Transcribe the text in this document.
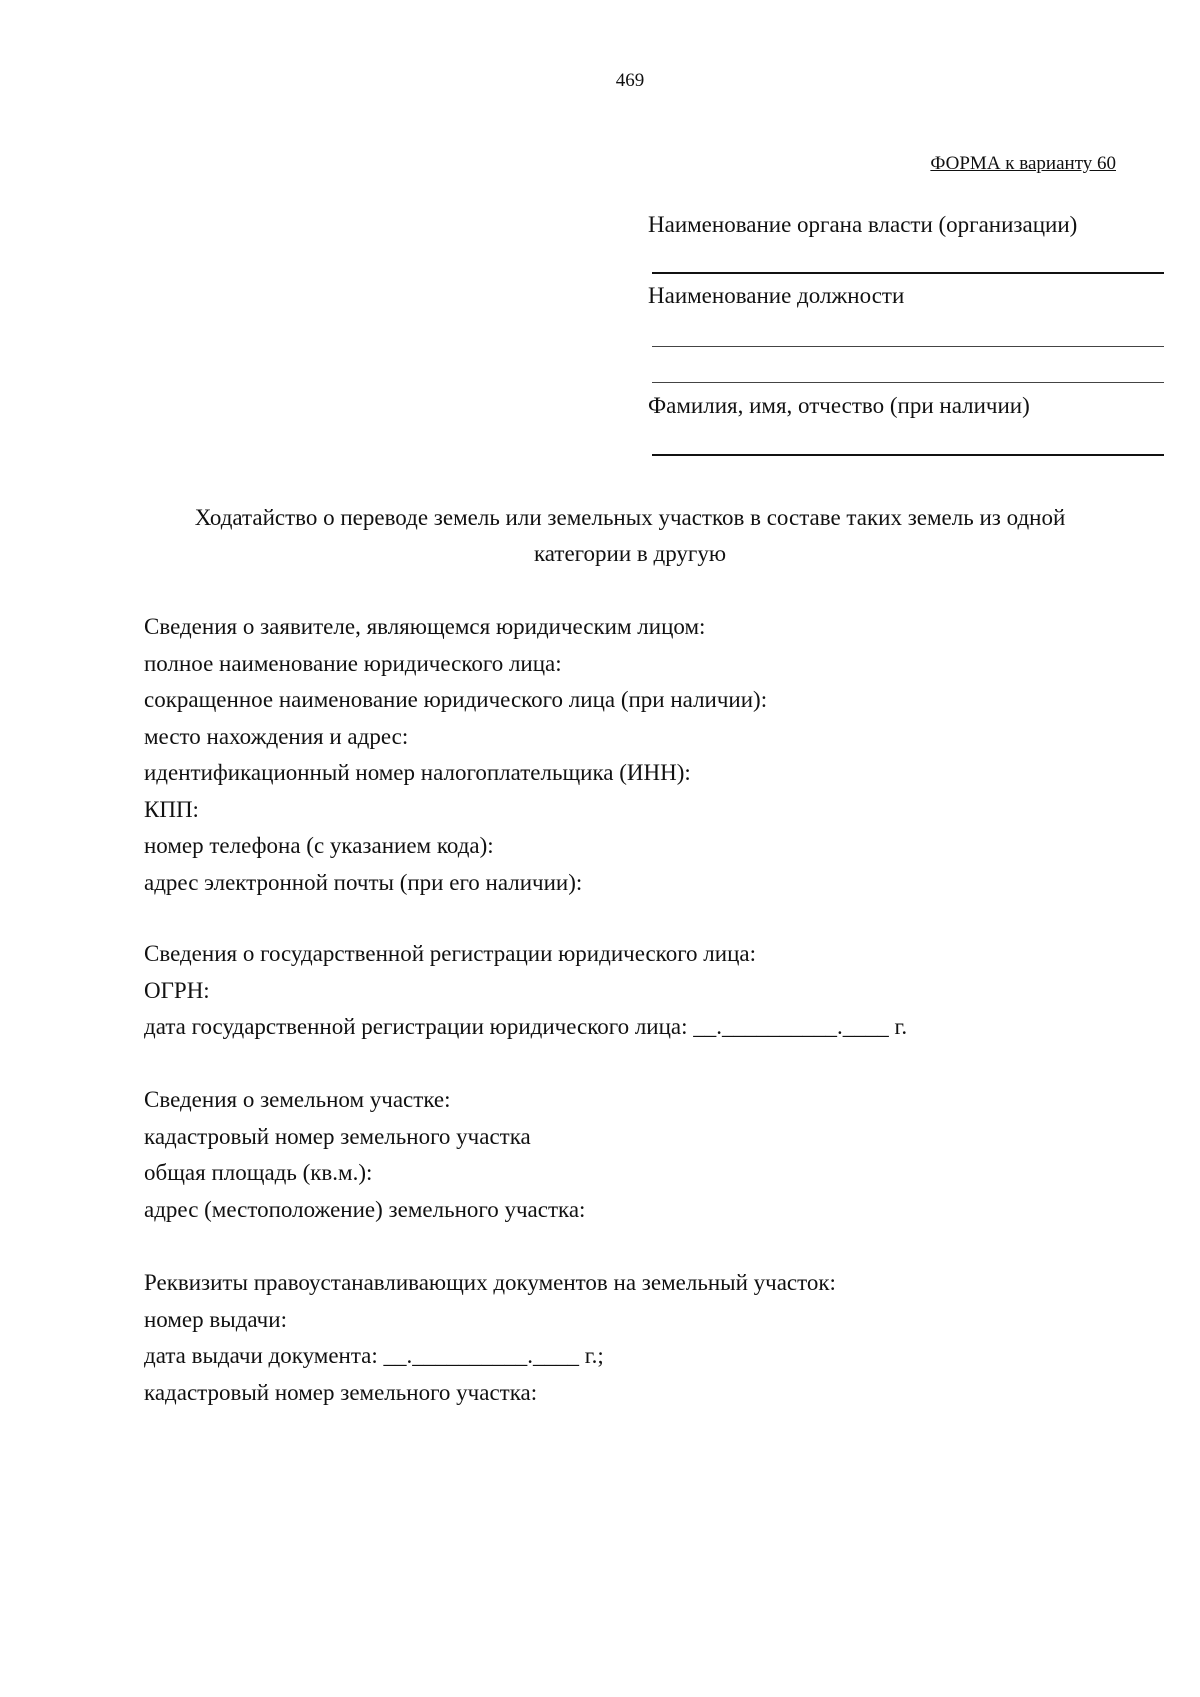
469
ФОРМА к варианту 60
Наименование органа власти (организации)
Наименование должности
Фамилия, имя, отчество (при наличии)
Ходатайство о переводе земель или земельных участков в составе таких земель из одной
категории в другую
Сведения о заявителе, являющемся юридическим лицом:
полное наименование юридического лица:
сокращенное наименование юридического лица (при наличии):
место нахождения и адрес:
идентификационный номер налогоплательщика (ИНН):
КПП:
номер телефона (с указанием кода):
адрес электронной почты (при его наличии):
Сведения о государственной регистрации юридического лица:
ОГРН:
дата государственной регистрации юридического лица: __.__________.____ г.
Сведения о земельном участке:
кадастровый номер земельного участка
общая площадь (кв.м.):
адрес (местоположение) земельного участка:
Реквизиты правоустанавливающих документов на земельный участок:
номер выдачи:
дата выдачи документа: __.__________.____ г.;
кадастровый номер земельного участка:
